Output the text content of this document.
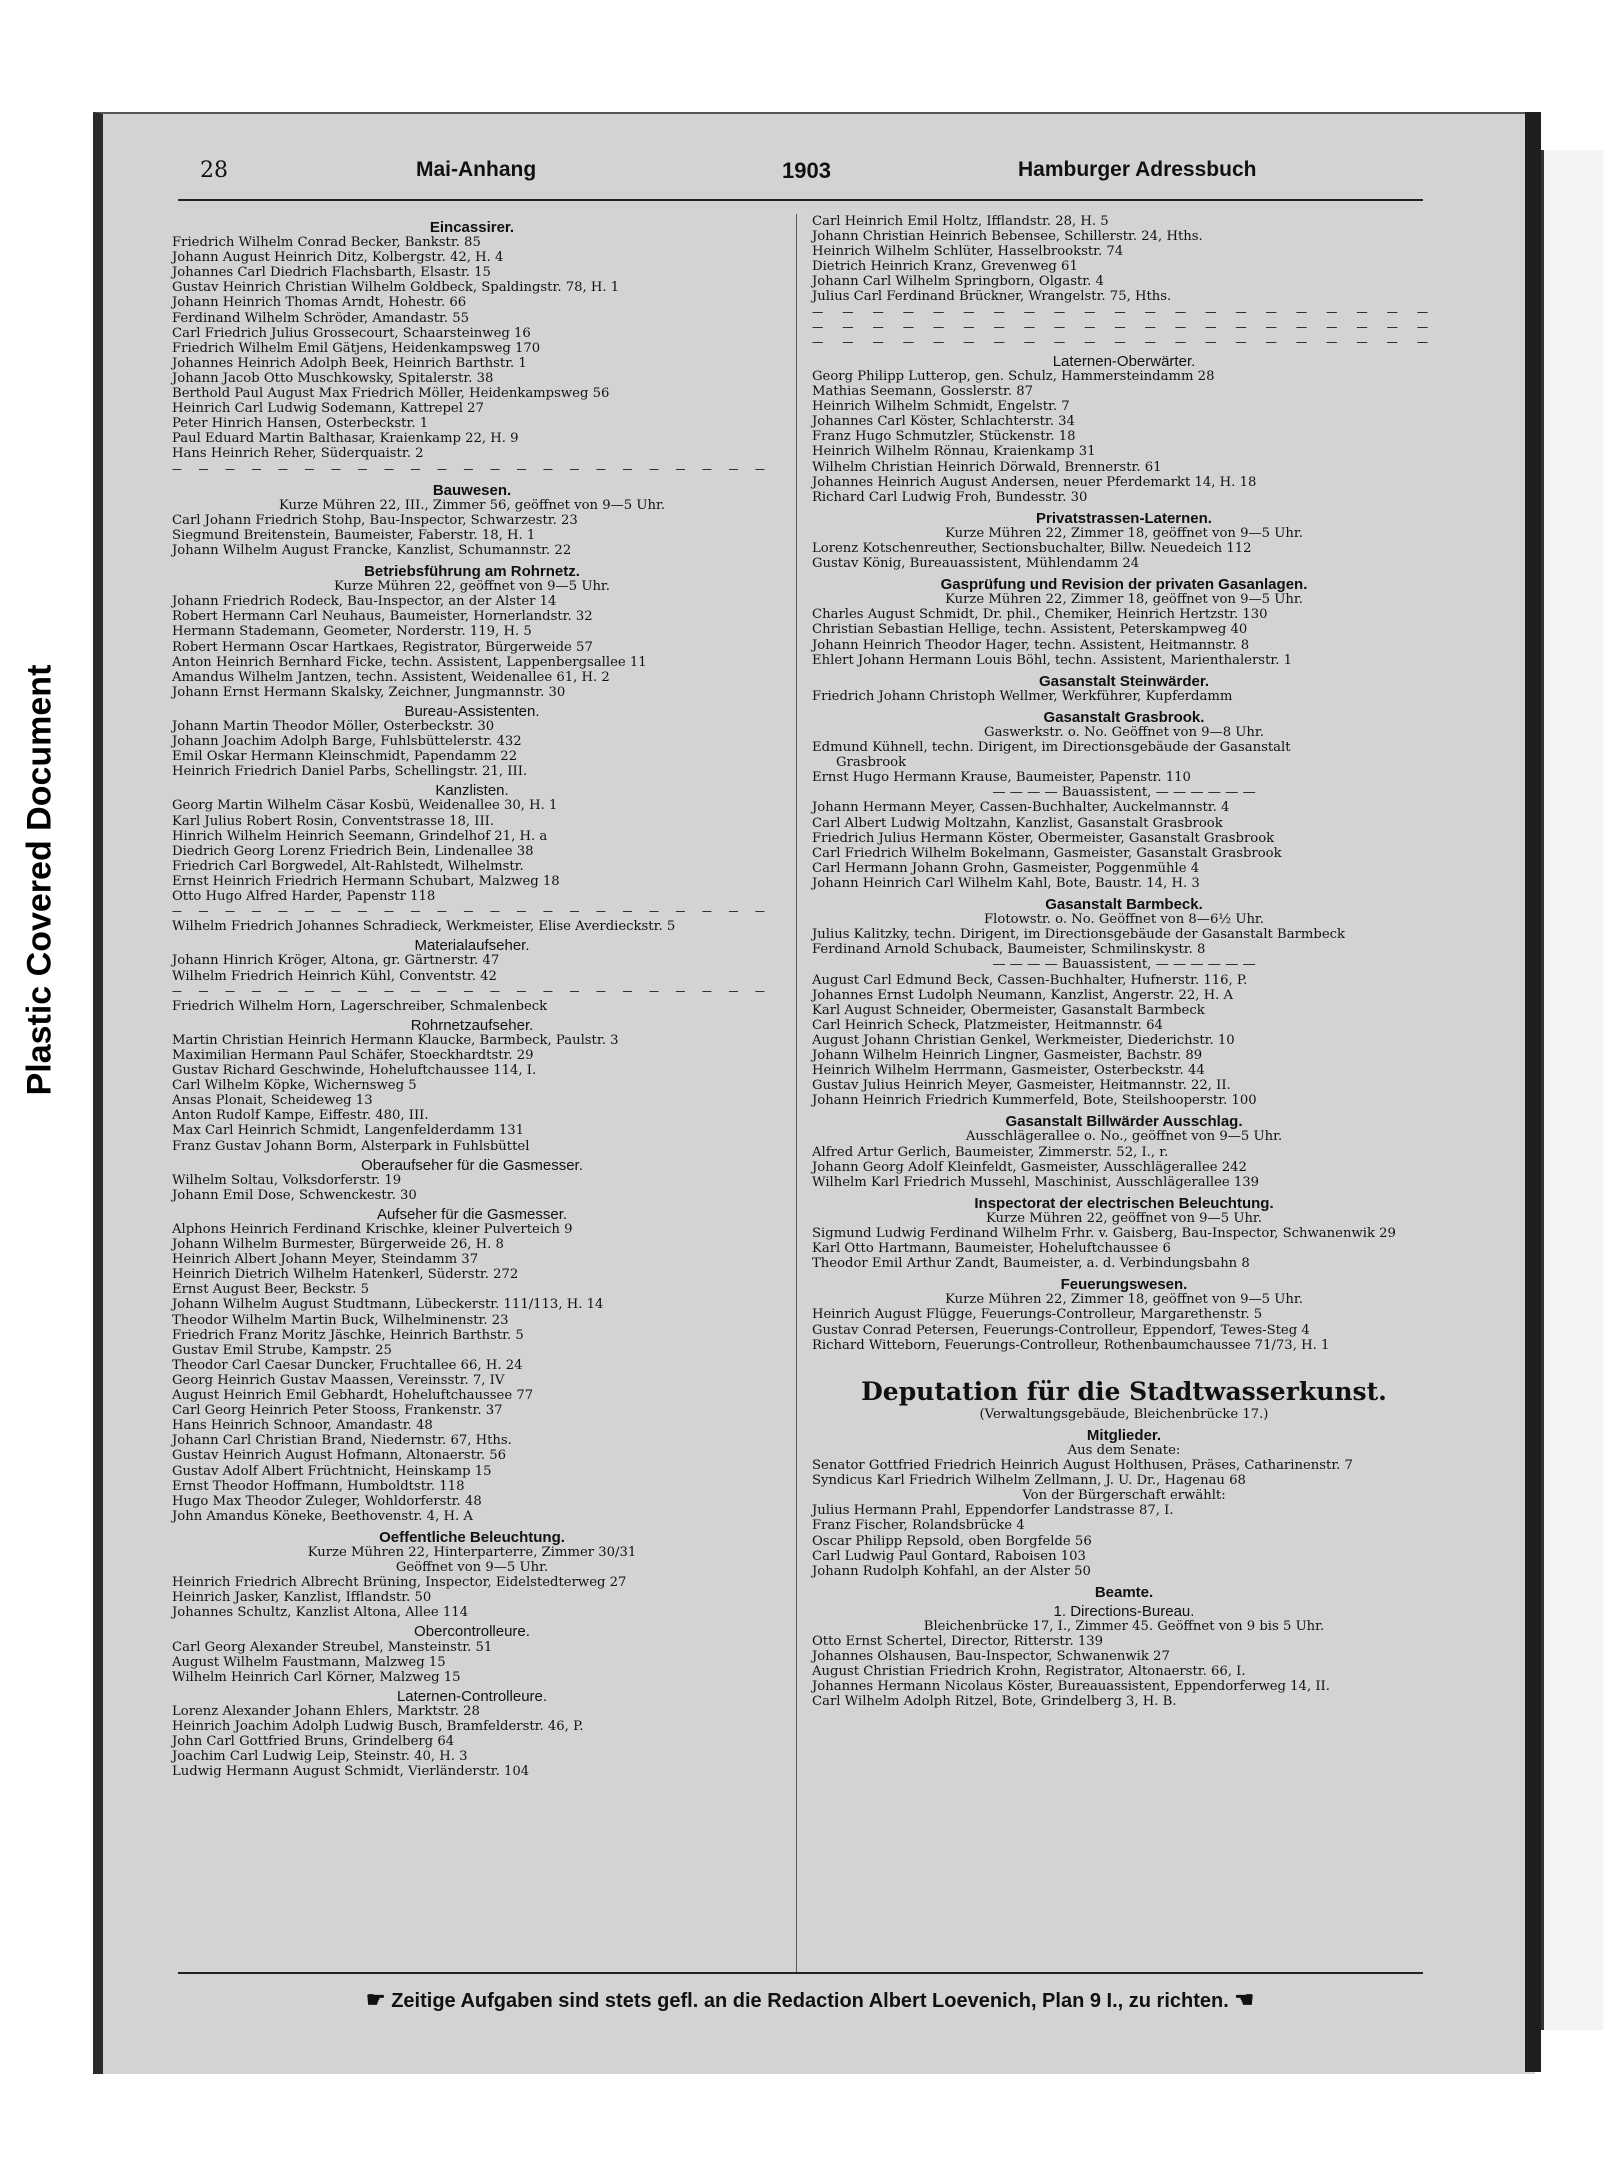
Plastic Covered Document
28	Mai-Anhang	1903	Hamburger Adressbuch

Eincassirer.

Friedrich Wilhelm Conrad Becker, Bankstr. 85

Johann August Heinrich Ditz, Kolbergstr. 42, H. 4

Johannes Carl Diedrich Flachsbarth, Elsastr. 15

Gustav Heinrich Christian Wilhelm Goldbeck, Spaldingstr. 78, H. 1

Johann Heinrich Thomas Arndt, Hohestr. 66

Ferdinand Wilhelm Schröder, Amandastr. 55

Carl Friedrich Julius Grossecourt, Schaarsteinweg 16

Friedrich Wilhelm Emil Gätjens, Heidenkampsweg 170

Johannes Heinrich Adolph Beek, Heinrich Barthstr. 1

Johann Jacob Otto Muschkowsky, Spitalerstr. 38

Berthold Paul August Max Friedrich Möller, Heidenkampsweg 56

Heinrich Carl Ludwig Sodemann, Kattrepel 27

Peter Hinrich Hansen, Osterbeckstr. 1

Paul Eduard Martin Balthasar, Kraienkamp 22, H. 9

Hans Heinrich Reher, Süderquaistr. 2

— — — — — — — — — — — — — — — — — — — — — — —

Bauwesen.

Kurze Mühren 22, III., Zimmer 56, geöffnet von 9—5 Uhr.

Carl Johann Friedrich Stohp, Bau-Inspector, Schwarzestr. 23

Siegmund Breitenstein, Baumeister, Faberstr. 18, H. 1

Johann Wilhelm August Francke, Kanzlist, Schumannstr. 22

Betriebsführung am Rohrnetz.

Kurze Mühren 22, geöffnet von 9—5 Uhr.

Johann Friedrich Rodeck, Bau-Inspector, an der Alster 14

Robert Hermann Carl Neuhaus, Baumeister, Hornerlandstr. 32

Hermann Stademann, Geometer, Norderstr. 119, H. 5

Robert Hermann Oscar Hartkaes, Registrator, Bürgerweide 57

Anton Heinrich Bernhard Ficke, techn. Assistent, Lappenbergsallee 11

Amandus Wilhelm Jantzen, techn. Assistent, Weidenallee 61, H. 2

Johann Ernst Hermann Skalsky, Zeichner, Jungmannstr. 30

Bureau-Assistenten.

Johann Martin Theodor Möller, Osterbeckstr. 30

Johann Joachim Adolph Barge, Fuhlsbüttelerstr. 432

Emil Oskar Hermann Kleinschmidt, Papendamm 22

Heinrich Friedrich Daniel Parbs, Schellingstr. 21, III.

Kanzlisten.

Georg Martin Wilhelm Cäsar Kosbü, Weidenallee 30, H. 1

Karl Julius Robert Rosin, Conventstrasse 18, III.

Hinrich Wilhelm Heinrich Seemann, Grindelhof 21, H. a

Diedrich Georg Lorenz Friedrich Bein, Lindenallee 38

Friedrich Carl Borgwedel, Alt-Rahlstedt, Wilhelmstr.

Ernst Heinrich Friedrich Hermann Schubart, Malzweg 18

Otto Hugo Alfred Harder, Papenstr 118

— — — — — — — — — — — — — — — — — — — — — — —

Wilhelm Friedrich Johannes Schradieck, Werkmeister, Elise Averdieckstr. 5

Materialaufseher.

Johann Hinrich Kröger, Altona, gr. Gärtnerstr. 47

Wilhelm Friedrich Heinrich Kühl, Conventstr. 42

— — — — — — — — — — — — — — — — — — — — — — —

Friedrich Wilhelm Horn, Lagerschreiber, Schmalenbeck

Rohrnetzaufseher.

Martin Christian Heinrich Hermann Klaucke, Barmbeck, Paulstr. 3

Maximilian Hermann Paul Schäfer, Stoeckhardtstr. 29

Gustav Richard Geschwinde, Hoheluftchaussee 114, I.

Carl Wilhelm Köpke, Wichernsweg 5

Ansas Plonait, Scheideweg 13

Anton Rudolf Kampe, Eiffestr. 480, III.

Max Carl Heinrich Schmidt, Langenfelderdamm 131

Franz Gustav Johann Borm, Alsterpark in Fuhlsbüttel

Oberaufseher für die Gasmesser.

Wilhelm Soltau, Volksdorferstr. 19

Johann Emil Dose, Schwenckestr. 30

Aufseher für die Gasmesser.

Alphons Heinrich Ferdinand Krischke, kleiner Pulverteich 9

Johann Wilhelm Burmester, Bürgerweide 26, H. 8

Heinrich Albert Johann Meyer, Steindamm 37

Heinrich Dietrich Wilhelm Hatenkerl, Süderstr. 272

Ernst August Beer, Beckstr. 5

Johann Wilhelm August Studtmann, Lübeckerstr. 111/113, H. 14

Theodor Wilhelm Martin Buck, Wilhelminenstr. 23

Friedrich Franz Moritz Jäschke, Heinrich Barthstr. 5

Gustav Emil Strube, Kampstr. 25

Theodor Carl Caesar Duncker, Fruchtallee 66, H. 24

Georg Heinrich Gustav Maassen, Vereinsstr. 7, IV

August Heinrich Emil Gebhardt, Hoheluftchaussee 77

Carl Georg Heinrich Peter Stooss, Frankenstr. 37

Hans Heinrich Schnoor, Amandastr. 48

Johann Carl Christian Brand, Niedernstr. 67, Hths.

Gustav Heinrich August Hofmann, Altonaerstr. 56

Gustav Adolf Albert Früchtnicht, Heinskamp 15

Ernst Theodor Hoffmann, Humboldtstr. 118

Hugo Max Theodor Zuleger, Wohldorferstr. 48

John Amandus Köneke, Beethovenstr. 4, H. A

Oeffentliche Beleuchtung.

Kurze Mühren 22, Hinterparterre, Zimmer 30/31

Geöffnet von 9—5 Uhr.

Heinrich Friedrich Albrecht Brüning, Inspector, Eidelstedterweg 27

Heinrich Jasker, Kanzlist, Ifflandstr. 50

Johannes Schultz, Kanzlist Altona, Allee 114

Obercontrolleure.

Carl Georg Alexander Streubel, Mansteinstr. 51

August Wilhelm Faustmann, Malzweg 15

Wilhelm Heinrich Carl Körner, Malzweg 15

Laternen-Controlleure.

Lorenz Alexander Johann Ehlers, Marktstr. 28

Heinrich Joachim Adolph Ludwig Busch, Bramfelderstr. 46, P.

John Carl Gottfried Bruns, Grindelberg 64

Joachim Carl Ludwig Leip, Steinstr. 40, H. 3

Ludwig Hermann August Schmidt, Vierländerstr. 104

Carl Heinrich Emil Holtz, Ifflandstr. 28, H. 5

Johann Christian Heinrich Bebensee, Schillerstr. 24, Hths.

Heinrich Wilhelm Schlüter, Hasselbrookstr. 74

Dietrich Heinrich Kranz, Grevenweg 61

Johann Carl Wilhelm Springborn, Olgastr. 4

Julius Carl Ferdinand Brückner, Wrangelstr. 75, Hths.

— — — — — — — — — — — — — — — — — — — — —

— — — — — — — — — — — — — — — — — — — — —

— — — — — — — — — — — — — — — — — — — — —

Laternen-Oberwärter.

Georg Philipp Lutterop, gen. Schulz, Hammersteindamm 28

Mathias Seemann, Gosslerstr. 87

Heinrich Wilhelm Schmidt, Engelstr. 7

Johannes Carl Köster, Schlachterstr. 34

Franz Hugo Schmutzler, Stückenstr. 18

Heinrich Wilhelm Rönnau, Kraienkamp 31

Wilhelm Christian Heinrich Dörwald, Brennerstr. 61

Johannes Heinrich August Andersen, neuer Pferdemarkt 14, H. 18

Richard Carl Ludwig Froh, Bundesstr. 30

Privatstrassen-Laternen.

Kurze Mühren 22, Zimmer 18, geöffnet von 9—5 Uhr.

Lorenz Kotschenreuther, Sectionsbuchalter, Billw. Neuedeich 112

Gustav König, Bureauassistent, Mühlendamm 24

Gasprüfung und Revision der privaten Gasanlagen.

Kurze Mühren 22, Zimmer 18, geöffnet von 9—5 Uhr.

Charles August Schmidt, Dr. phil., Chemiker, Heinrich Hertzstr. 130

Christian Sebastian Hellige, techn. Assistent, Peterskampweg 40

Johann Heinrich Theodor Hager, techn. Assistent, Heitmannstr. 8

Ehlert Johann Hermann Louis Böhl, techn. Assistent, Marienthalerstr. 1

Gasanstalt Steinwärder.

Friedrich Johann Christoph Wellmer, Werkführer, Kupferdamm

Gasanstalt Grasbrook.

Gaswerkstr. o. No. Geöffnet von 9—8 Uhr.

Edmund Kühnell, techn. Dirigent, im Directionsgebäude der Gasanstalt

Grasbrook

Ernst Hugo Hermann Krause, Baumeister, Papenstr. 110

— — — — Bauassistent, — — — — — —

Johann Hermann Meyer, Cassen-Buchhalter, Auckelmannstr. 4

Carl Albert Ludwig Moltzahn, Kanzlist, Gasanstalt Grasbrook

Friedrich Julius Hermann Köster, Obermeister, Gasanstalt Grasbrook

Carl Friedrich Wilhelm Bokelmann, Gasmeister, Gasanstalt Grasbrook

Carl Hermann Johann Grohn, Gasmeister, Poggenmühle 4

Johann Heinrich Carl Wilhelm Kahl, Bote, Baustr. 14, H. 3

Gasanstalt Barmbeck.

Flotowstr. o. No. Geöffnet von 8—6½ Uhr.

Julius Kalitzky, techn. Dirigent, im Directionsgebäude der Gasanstalt Barmbeck

Ferdinand Arnold Schuback, Baumeister, Schmilinskystr. 8

— — — — Bauassistent, — — — — — —

August Carl Edmund Beck, Cassen-Buchhalter, Hufnerstr. 116, P.

Johannes Ernst Ludolph Neumann, Kanzlist, Angerstr. 22, H. A

Karl August Schneider, Obermeister, Gasanstalt Barmbeck

Carl Heinrich Scheck, Platzmeister, Heitmannstr. 64

August Johann Christian Genkel, Werkmeister, Diederichstr. 10

Johann Wilhelm Heinrich Lingner, Gasmeister, Bachstr. 89

Heinrich Wilhelm Herrmann, Gasmeister, Osterbeckstr. 44

Gustav Julius Heinrich Meyer, Gasmeister, Heitmannstr. 22, II.

Johann Heinrich Friedrich Kummerfeld, Bote, Steilshooperstr. 100

Gasanstalt Billwärder Ausschlag.

Ausschlägerallee o. No., geöffnet von 9—5 Uhr.

Alfred Artur Gerlich, Baumeister, Zimmerstr. 52, I., r.

Johann Georg Adolf Kleinfeldt, Gasmeister, Ausschlägerallee 242

Wilhelm Karl Friedrich Mussehl, Maschinist, Ausschlägerallee 139

Inspectorat der electrischen Beleuchtung.

Kurze Mühren 22, geöffnet von 9—5 Uhr.

Sigmund Ludwig Ferdinand Wilhelm Frhr. v. Gaisberg, Bau-Inspector, Schwanenwik 29

Karl Otto Hartmann, Baumeister, Hoheluftchaussee 6

Theodor Emil Arthur Zandt, Baumeister, a. d. Verbindungsbahn 8

Feuerungswesen.

Kurze Mühren 22, Zimmer 18, geöffnet von 9—5 Uhr.

Heinrich August Flügge, Feuerungs-Controlleur, Margarethenstr. 5

Gustav Conrad Petersen, Feuerungs-Controlleur, Eppendorf, Tewes-Steg 4

Richard Witteborn, Feuerungs-Controlleur, Rothenbaumchaussee 71/73, H. 1

Deputation für die Stadtwasserkunst.

(Verwaltungsgebäude, Bleichenbrücke 17.)

Mitglieder.

Aus dem Senate:

Senator Gottfried Friedrich Heinrich August Holthusen, Präses, Catharinenstr. 7

Syndicus Karl Friedrich Wilhelm Zellmann, J. U. Dr., Hagenau 68

Von der Bürgerschaft erwählt:

Julius Hermann Prahl, Eppendorfer Landstrasse 87, I.

Franz Fischer, Rolandsbrücke 4

Oscar Philipp Repsold, oben Borgfelde 56

Carl Ludwig Paul Gontard, Raboisen 103

Johann Rudolph Kohfahl, an der Alster 50

Beamte.

1. Directions-Bureau.

Bleichenbrücke 17, I., Zimmer 45. Geöffnet von 9 bis 5 Uhr.

Otto Ernst Schertel, Director, Ritterstr. 139

Johannes Olshausen, Bau-Inspector, Schwanenwik 27

August Christian Friedrich Krohn, Registrator, Altonaerstr. 66, I.

Johannes Hermann Nicolaus Köster, Bureauassistent, Eppendorferweg 14, II.

Carl Wilhelm Adolph Ritzel, Bote, Grindelberg 3, H. B.

☛ Zeitige Aufgaben sind stets gefl. an die Redaction Albert Loevenich, Plan 9 I., zu richten. ☚
